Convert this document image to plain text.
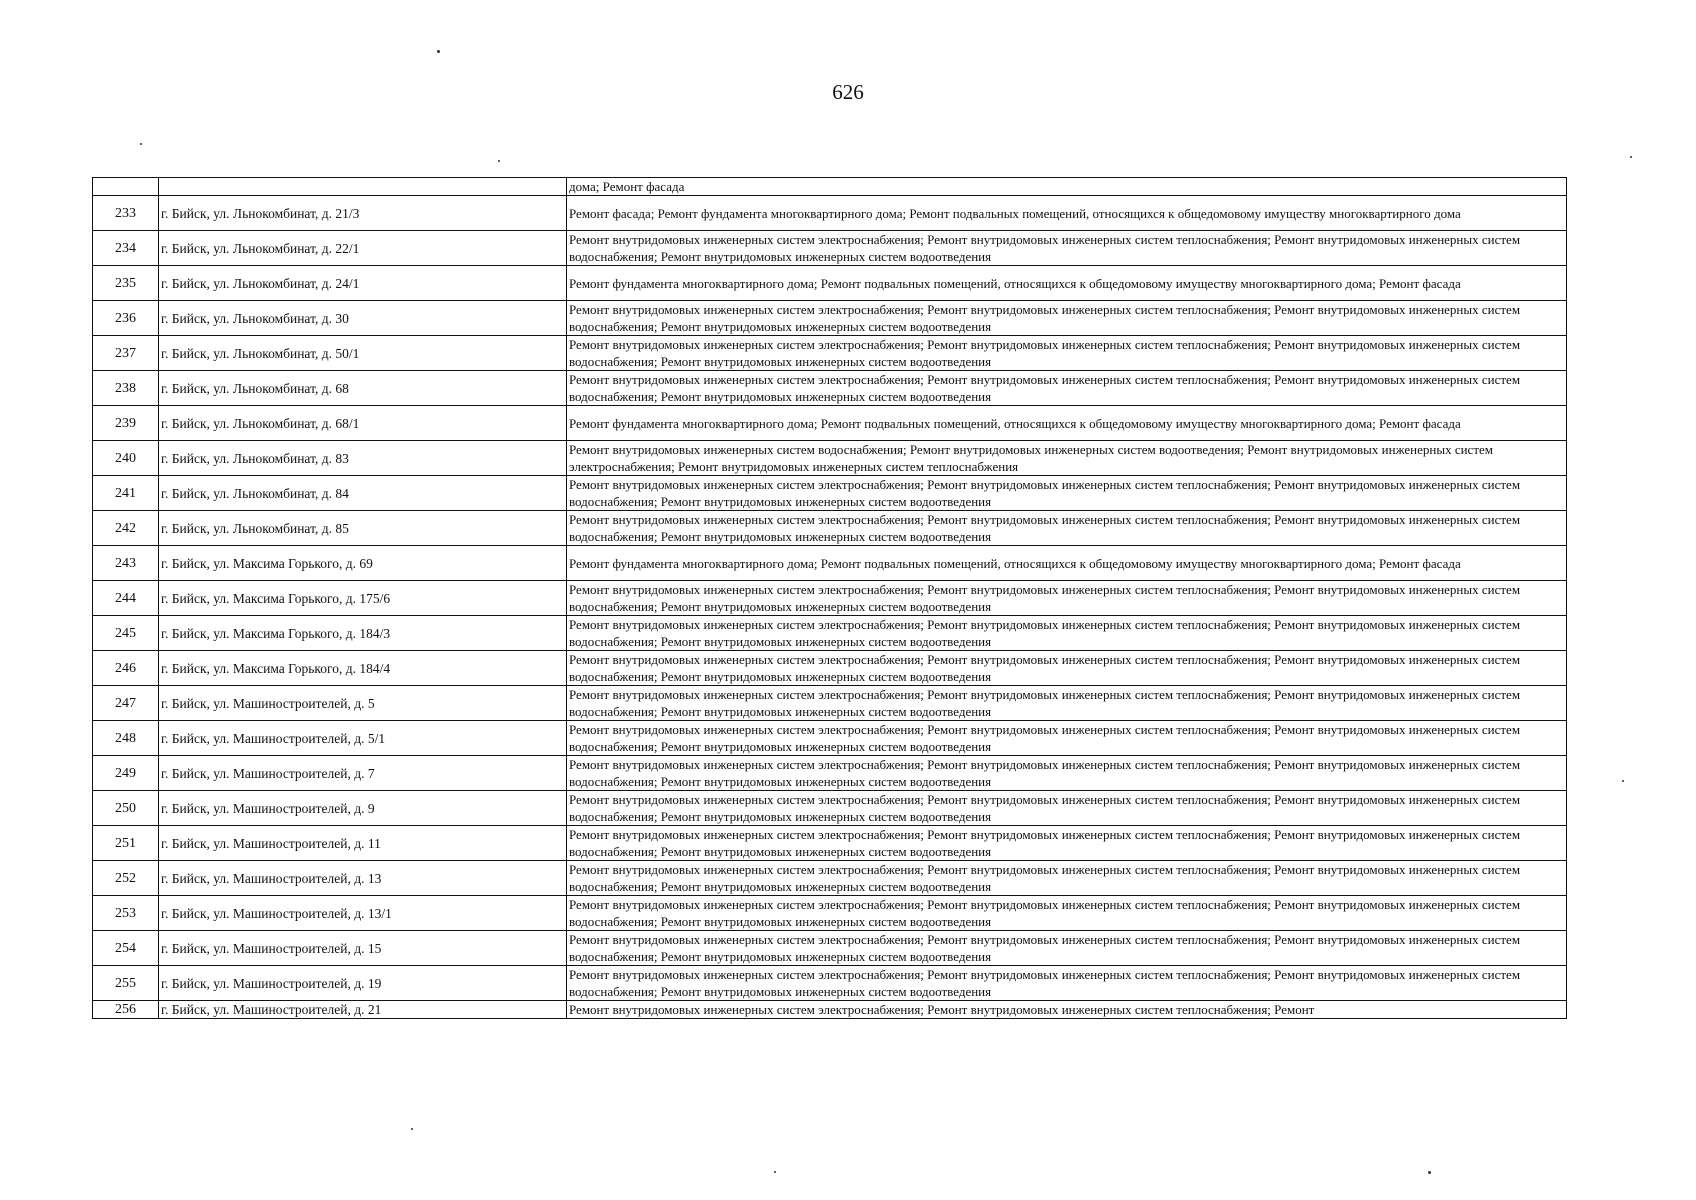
626
		дома; Ремонт фасада
233	г. Бийск, ул. Льнокомбинат, д. 21/3	Ремонт фасада; Ремонт фундамента многоквартирного дома; Ремонт подвальных помещений, относящихся к общедомовому имуществу многоквартирного дома
234	г. Бийск, ул. Льнокомбинат, д. 22/1	Ремонт внутридомовых инженерных систем электроснабжения; Ремонт внутридомовых инженерных систем теплоснабжения; Ремонт внутридомовых инженерных систем водоснабжения; Ремонт внутридомовых инженерных систем водоотведения
235	г. Бийск, ул. Льнокомбинат, д. 24/1	Ремонт фундамента многоквартирного дома; Ремонт подвальных помещений, относящихся к общедомовому имуществу многоквартирного дома; Ремонт фасада
236	г. Бийск, ул. Льнокомбинат, д. 30	Ремонт внутридомовых инженерных систем электроснабжения; Ремонт внутридомовых инженерных систем теплоснабжения; Ремонт внутридомовых инженерных систем водоснабжения; Ремонт внутридомовых инженерных систем водоотведения
237	г. Бийск, ул. Льнокомбинат, д. 50/1	Ремонт внутридомовых инженерных систем электроснабжения; Ремонт внутридомовых инженерных систем теплоснабжения; Ремонт внутридомовых инженерных систем водоснабжения; Ремонт внутридомовых инженерных систем водоотведения
238	г. Бийск, ул. Льнокомбинат, д. 68	Ремонт внутридомовых инженерных систем электроснабжения; Ремонт внутридомовых инженерных систем теплоснабжения; Ремонт внутридомовых инженерных систем водоснабжения; Ремонт внутридомовых инженерных систем водоотведения
239	г. Бийск, ул. Льнокомбинат, д. 68/1	Ремонт фундамента многоквартирного дома; Ремонт подвальных помещений, относящихся к общедомовому имуществу многоквартирного дома; Ремонт фасада
240	г. Бийск, ул. Льнокомбинат, д. 83	Ремонт внутридомовых инженерных систем водоснабжения; Ремонт внутридомовых инженерных систем водоотведения; Ремонт внутридомовых инженерных систем электроснабжения; Ремонт внутридомовых инженерных систем теплоснабжения
241	г. Бийск, ул. Льнокомбинат, д. 84	Ремонт внутридомовых инженерных систем электроснабжения; Ремонт внутридомовых инженерных систем теплоснабжения; Ремонт внутридомовых инженерных систем водоснабжения; Ремонт внутридомовых инженерных систем водоотведения
242	г. Бийск, ул. Льнокомбинат, д. 85	Ремонт внутридомовых инженерных систем электроснабжения; Ремонт внутридомовых инженерных систем теплоснабжения; Ремонт внутридомовых инженерных систем водоснабжения; Ремонт внутридомовых инженерных систем водоотведения
243	г. Бийск, ул. Максима Горького, д. 69	Ремонт фундамента многоквартирного дома; Ремонт подвальных помещений, относящихся к общедомовому имуществу многоквартирного дома; Ремонт фасада
244	г. Бийск, ул. Максима Горького, д. 175/6	Ремонт внутридомовых инженерных систем электроснабжения; Ремонт внутридомовых инженерных систем теплоснабжения; Ремонт внутридомовых инженерных систем водоснабжения; Ремонт внутридомовых инженерных систем водоотведения
245	г. Бийск, ул. Максима Горького, д. 184/3	Ремонт внутридомовых инженерных систем электроснабжения; Ремонт внутридомовых инженерных систем теплоснабжения; Ремонт внутридомовых инженерных систем водоснабжения; Ремонт внутридомовых инженерных систем водоотведения
246	г. Бийск, ул. Максима Горького, д. 184/4	Ремонт внутридомовых инженерных систем электроснабжения; Ремонт внутридомовых инженерных систем теплоснабжения; Ремонт внутридомовых инженерных систем водоснабжения; Ремонт внутридомовых инженерных систем водоотведения
247	г. Бийск, ул. Машиностроителей, д. 5	Ремонт внутридомовых инженерных систем электроснабжения; Ремонт внутридомовых инженерных систем теплоснабжения; Ремонт внутридомовых инженерных систем водоснабжения; Ремонт внутридомовых инженерных систем водоотведения
248	г. Бийск, ул. Машиностроителей, д. 5/1	Ремонт внутридомовых инженерных систем электроснабжения; Ремонт внутридомовых инженерных систем теплоснабжения; Ремонт внутридомовых инженерных систем водоснабжения; Ремонт внутридомовых инженерных систем водоотведения
249	г. Бийск, ул. Машиностроителей, д. 7	Ремонт внутридомовых инженерных систем электроснабжения; Ремонт внутридомовых инженерных систем теплоснабжения; Ремонт внутридомовых инженерных систем водоснабжения; Ремонт внутридомовых инженерных систем водоотведения
250	г. Бийск, ул. Машиностроителей, д. 9	Ремонт внутридомовых инженерных систем электроснабжения; Ремонт внутридомовых инженерных систем теплоснабжения; Ремонт внутридомовых инженерных систем водоснабжения; Ремонт внутридомовых инженерных систем водоотведения
251	г. Бийск, ул. Машиностроителей, д. 11	Ремонт внутридомовых инженерных систем электроснабжения; Ремонт внутридомовых инженерных систем теплоснабжения; Ремонт внутридомовых инженерных систем водоснабжения; Ремонт внутридомовых инженерных систем водоотведения
252	г. Бийск, ул. Машиностроителей, д. 13	Ремонт внутридомовых инженерных систем электроснабжения; Ремонт внутридомовых инженерных систем теплоснабжения; Ремонт внутридомовых инженерных систем водоснабжения; Ремонт внутридомовых инженерных систем водоотведения
253	г. Бийск, ул. Машиностроителей, д. 13/1	Ремонт внутридомовых инженерных систем электроснабжения; Ремонт внутридомовых инженерных систем теплоснабжения; Ремонт внутридомовых инженерных систем водоснабжения; Ремонт внутридомовых инженерных систем водоотведения
254	г. Бийск, ул. Машиностроителей, д. 15	Ремонт внутридомовых инженерных систем электроснабжения; Ремонт внутридомовых инженерных систем теплоснабжения; Ремонт внутридомовых инженерных систем водоснабжения; Ремонт внутридомовых инженерных систем водоотведения
255	г. Бийск, ул. Машиностроителей, д. 19	Ремонт внутридомовых инженерных систем электроснабжения; Ремонт внутридомовых инженерных систем теплоснабжения; Ремонт внутридомовых инженерных систем водоснабжения; Ремонт внутридомовых инженерных систем водоотведения
256	г. Бийск, ул. Машиностроителей, д. 21	Ремонт внутридомовых инженерных систем электроснабжения; Ремонт внутридомовых инженерных систем теплоснабжения; Ремонт
